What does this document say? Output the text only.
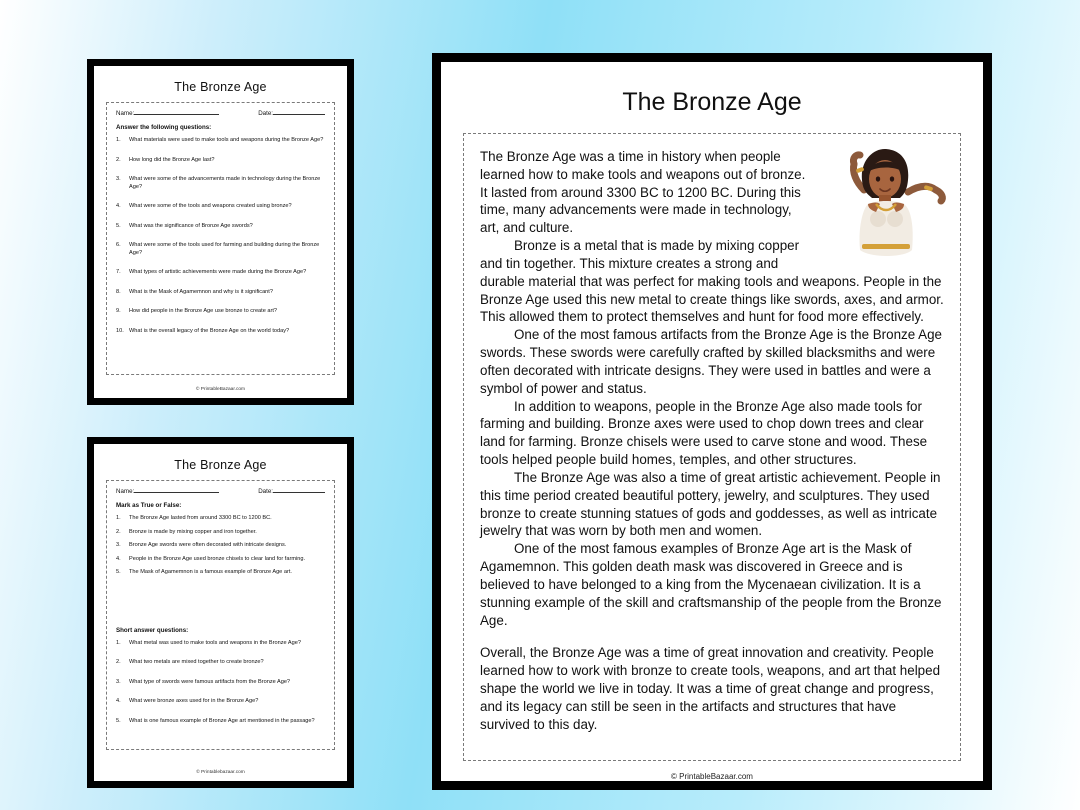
The Bronze Age
Name:	Date:
Answer the following questions:
1.	What materials were used to make tools and weapons during the Bronze Age?
2.	How long did the Bronze Age last?
3.	What were some of the advancements made in technology during the Bronze Age?
4.	What were some of the tools and weapons created using bronze?
5.	What was the significance of Bronze Age swords?
6.	What were some of the tools used for farming and building during the Bronze Age?
7.	What types of artistic achievements were made during the Bronze Age?
8.	What is the Mask of Agamemnon and why is it significant?
9.	How did people in the Bronze Age use bronze to create art?
10. What is the overall legacy of the Bronze Age on the world today?
© PrintableBazaar.com
The Bronze Age
Name:	Date:
Mark as True or False:
1.	The Bronze Age lasted from around 3300 BC to 1200 BC.
2.	Bronze is made by mixing copper and iron together.
3.	Bronze Age swords were often decorated with intricate designs.
4.	People in the Bronze Age used bronze chisels to clear land for farming.
5.	The Mask of Agamemnon is a famous example of Bronze Age art.
Short answer questions:
1.	What metal was used to make tools and weapons in the Bronze Age?
2.	What two metals are mixed together to create bronze?
3.	What type of swords were famous artifacts from the Bronze Age?
4.	What were bronze axes used for in the Bronze Age?
5.	What is one famous example of Bronze Age art mentioned in the passage?
© Printablebazaar.com
The Bronze Age

The Bronze Age was a time in history when people learned how to make tools and weapons out of bronze. It lasted from around 3300 BC to 1200 BC. During this time, many advancements were made in technology, art, and culture.

Bronze is a metal that is made by mixing copper and tin together. This mixture creates a strong and durable material that was perfect for making tools and weapons. People in the Bronze Age used this new metal to create things like swords, axes, and armor. This allowed them to protect themselves and hunt for food more effectively.

One of the most famous artifacts from the Bronze Age is the Bronze Age swords. These swords were carefully crafted by skilled blacksmiths and were often decorated with intricate designs. They were used in battles and were a symbol of power and status.

In addition to weapons, people in the Bronze Age also made tools for farming and building. Bronze axes were used to chop down trees and clear land for farming. Bronze chisels were used to carve stone and wood. These tools helped people build homes, temples, and other structures.

The Bronze Age was also a time of great artistic achievement. People in this time period created beautiful pottery, jewelry, and sculptures. They used bronze to create stunning statues of gods and goddesses, as well as intricate jewelry that was worn by both men and women.

One of the most famous examples of Bronze Age art is the Mask of Agamemnon. This golden death mask was discovered in Greece and is believed to have belonged to a king from the Mycenaean civilization. It is a stunning example of the skill and craftsmanship of the people from the Bronze Age.

Overall, the Bronze Age was a time of great innovation and creativity. People learned how to work with bronze to create tools, weapons, and art that helped shape the world we live in today. It was a time of great change and progress, and its legacy can still be seen in the artifacts and structures that have survived to this day.

© PrintableBazaar.com
